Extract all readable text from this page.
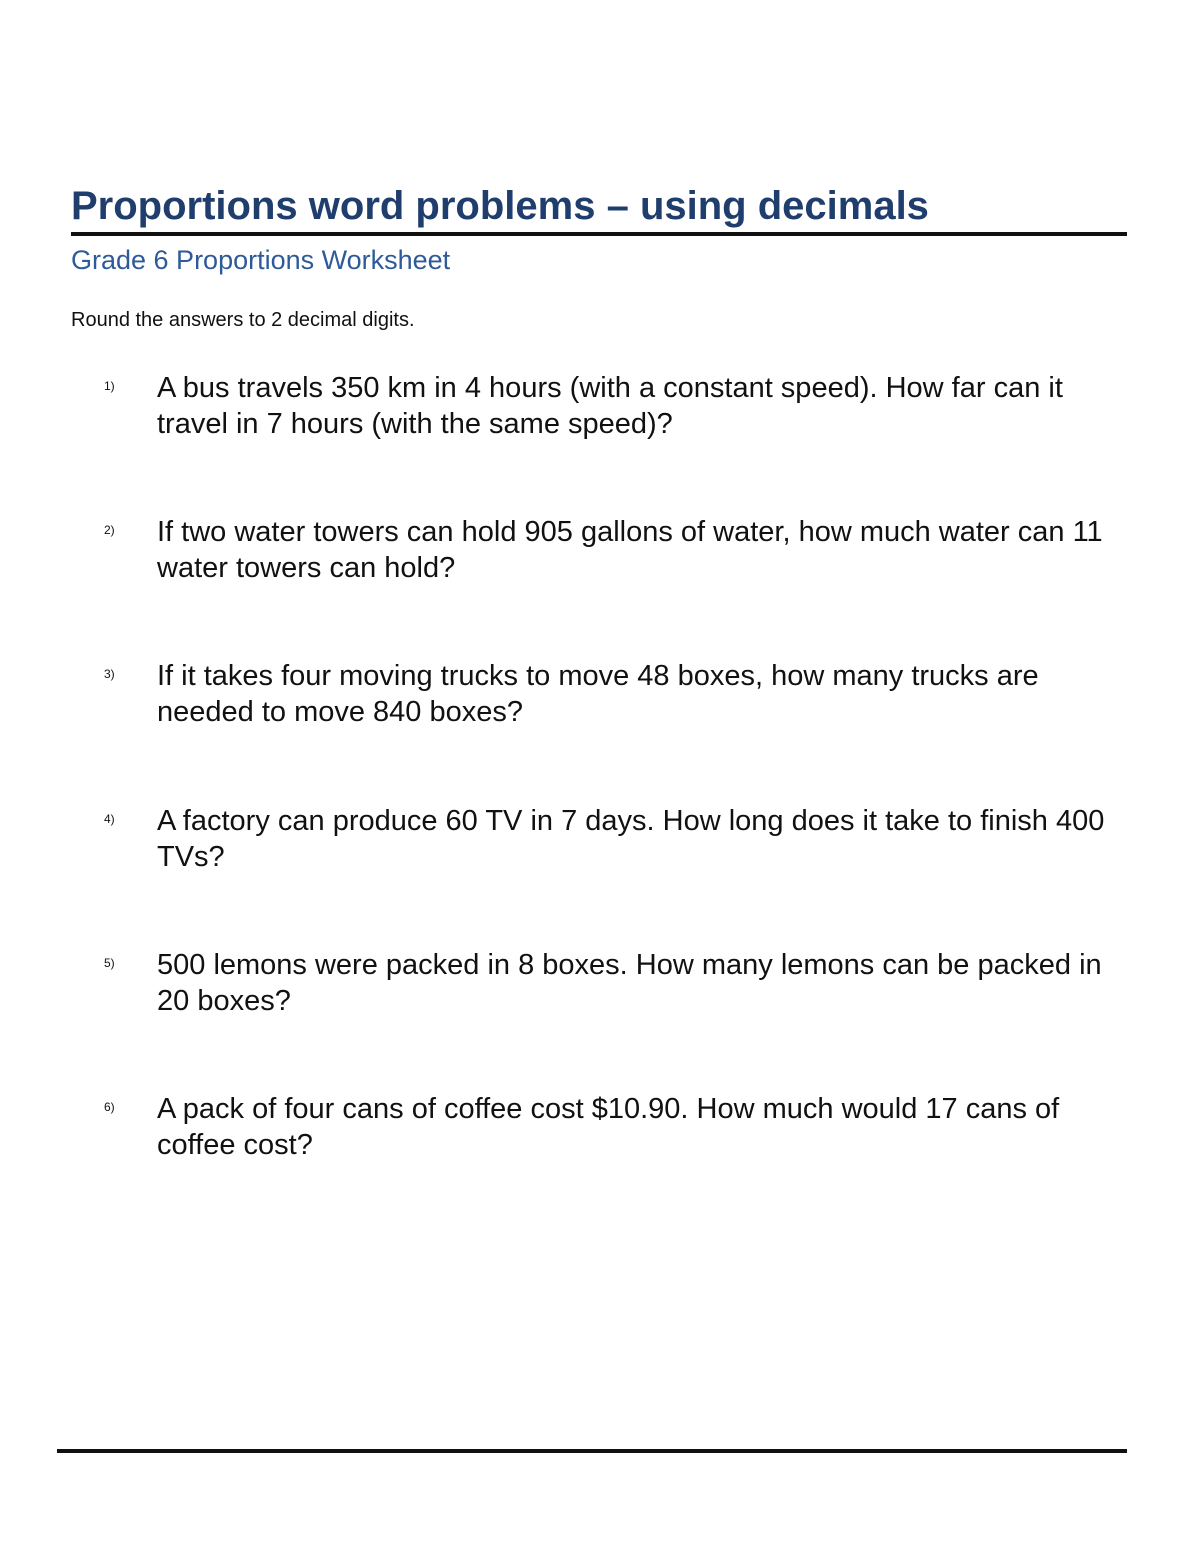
Proportions word problems – using decimals
Grade 6 Proportions Worksheet

Round the answers to 2 decimal digits.

1) A bus travels 350 km in 4 hours (with a constant speed). How far can it travel in 7 hours (with the same speed)?
2) If two water towers can hold 905 gallons of water, how much water can 11 water towers can hold?
3) If it takes four moving trucks to move 48 boxes, how many trucks are needed to move 840 boxes?
4) A factory can produce 60 TV in 7 days. How long does it take to finish 400 TVs?
5) 500 lemons were packed in 8 boxes. How many lemons can be packed in 20 boxes?
6) A pack of four cans of coffee cost $10.90. How much would 17 cans of coffee cost?
